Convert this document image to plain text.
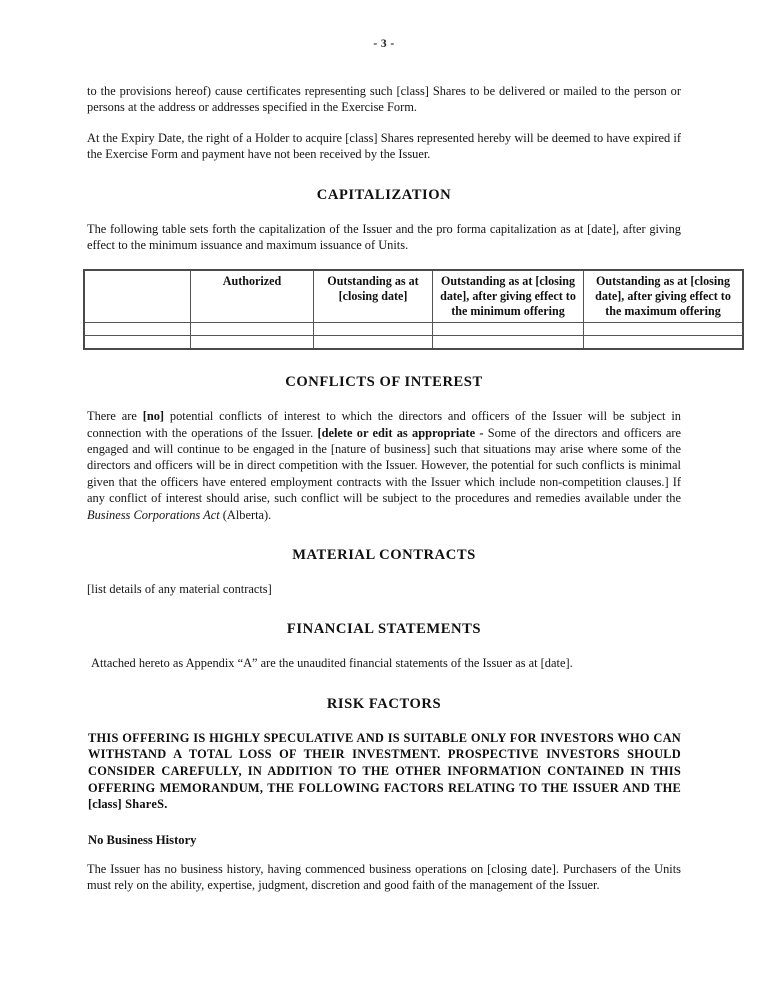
- 3 -

to the provisions hereof) cause certificates representing such [class] Shares to be delivered or mailed to the person or persons at the address or addresses specified in the Exercise Form.

At the Expiry Date, the right of a Holder to acquire [class] Shares represented hereby will be deemed to have expired if the Exercise Form and payment have not been received by the Issuer.

CAPITALIZATION

The following table sets forth the capitalization of the Issuer and the pro forma capitalization as at [date], after giving effect to the minimum issuance and maximum issuance of Units.

	Authorized	Outstanding as at [closing date]	Outstanding as at [closing date], after giving effect to the minimum offering	Outstanding as at [closing date], after giving effect to the maximum offering

CONFLICTS OF INTEREST

There are [no] potential conflicts of interest to which the directors and officers of the Issuer will be subject in connection with the operations of the Issuer. [delete or edit as appropriate - Some of the directors and officers are engaged and will continue to be engaged in the [nature of business] such that situations may arise where some of the directors and officers will be in direct competition with the Issuer. However, the potential for such conflicts is minimal given that the officers have entered employment contracts with the Issuer which include non-competition clauses.] If any conflict of interest should arise, such conflict will be subject to the procedures and remedies available under the Business Corporations Act (Alberta).

MATERIAL CONTRACTS

[list details of any material contracts]

FINANCIAL STATEMENTS

Attached hereto as Appendix “A” are the unaudited financial statements of the Issuer as at [date].

RISK FACTORS

THIS OFFERING IS HIGHLY SPECULATIVE AND IS SUITABLE ONLY FOR INVESTORS WHO CAN WITHSTAND A TOTAL LOSS OF THEIR INVESTMENT. PROSPECTIVE INVESTORS SHOULD CONSIDER CAREFULLY, IN ADDITION TO THE OTHER INFORMATION CONTAINED IN THIS OFFERING MEMORANDUM, THE FOLLOWING FACTORS RELATING TO THE ISSUER AND THE [class] ShareS.

No Business History

The Issuer has no business history, having commenced business operations on [closing date]. Purchasers of the Units must rely on the ability, expertise, judgment, discretion and good faith of the management of the Issuer.
